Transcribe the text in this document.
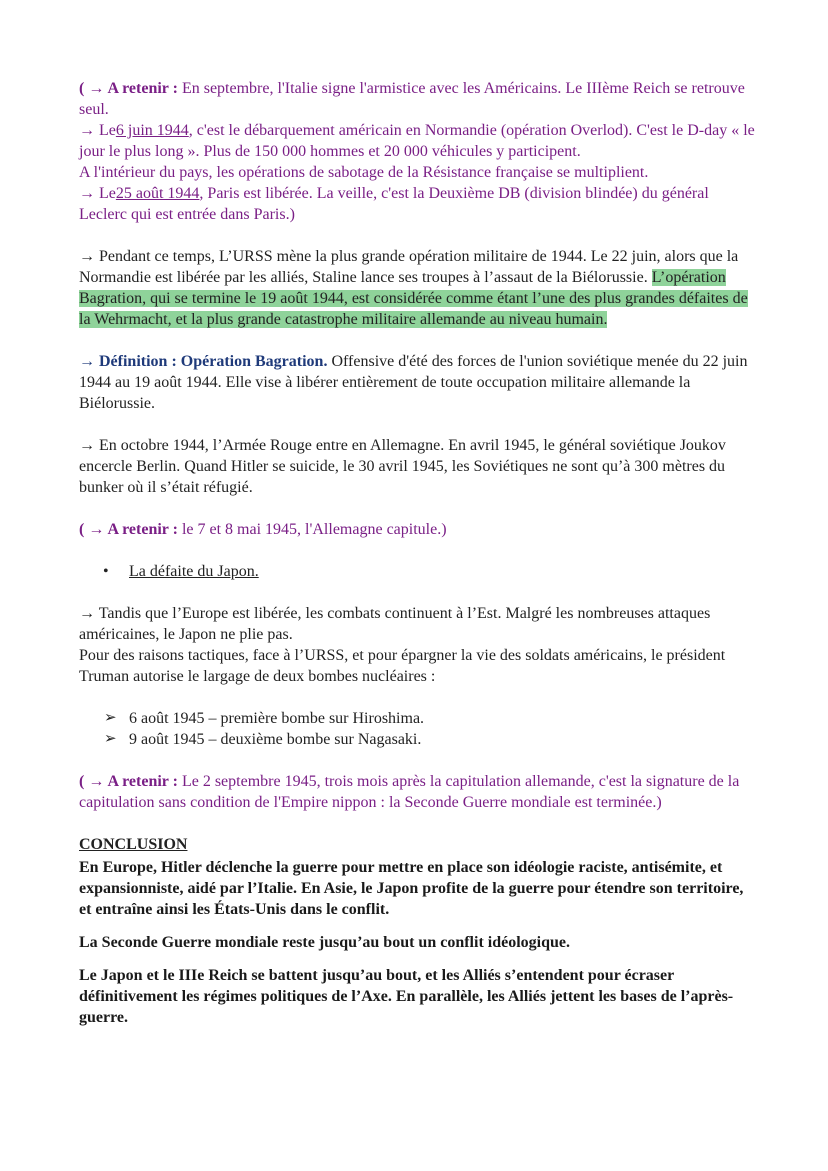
( → A retenir : En septembre, l'Italie signe l'armistice avec les Américains. Le IIIème Reich se retrouve seul.

→ Le6 juin 1944, c'est le débarquement américain en Normandie (opération Overlod). C'est le D-day « le jour le plus long ». Plus de 150 000 hommes et 20 000 véhicules y participent.

A l'intérieur du pays, les opérations de sabotage de la Résistance française se multiplient.

→ Le25 août 1944, Paris est libérée. La veille, c'est la Deuxième DB (division blindée) du général Leclerc qui est entrée dans Paris.)

→ Pendant ce temps, L’URSS mène la plus grande opération militaire de 1944. Le 22 juin, alors que la Normandie est libérée par les alliés, Staline lance ses troupes à l’assaut de la Biélorussie. L’opération Bagration, qui se termine le 19 août 1944, est considérée comme étant l’une des plus grandes défaites de la Wehrmacht, et la plus grande catastrophe militaire allemande au niveau humain.

→ Définition : Opération Bagration. Offensive d'été des forces de l'union soviétique menée du 22 juin 1944 au 19 août 1944. Elle vise à libérer entièrement de toute occupation militaire allemande la Biélorussie.

→ En octobre 1944, l’Armée Rouge entre en Allemagne. En avril 1945, le général soviétique Joukov encercle Berlin. Quand Hitler se suicide, le 30 avril 1945, les Soviétiques ne sont qu’à 300 mètres du bunker où il s’était réfugié.

( → A retenir : le 7 et 8 mai 1945, l'Allemagne capitule.)

• La défaite du Japon.

→ Tandis que l’Europe est libérée, les combats continuent à l’Est. Malgré les nombreuses attaques américaines, le Japon ne plie pas.

Pour des raisons tactiques, face à l’URSS, et pour épargner la vie des soldats américains, le président Truman autorise le largage de deux bombes nucléaires :

➢ 6 août 1945 – première bombe sur Hiroshima.

➢ 9 août 1945 – deuxième bombe sur Nagasaki.

( → A retenir : Le 2 septembre 1945, trois mois après la capitulation allemande, c'est la signature de la capitulation sans condition de l'Empire nippon : la Seconde Guerre mondiale est terminée.)

CONCLUSION

En Europe, Hitler déclenche la guerre pour mettre en place son idéologie raciste, antisémite, et expansionniste, aidé par l’Italie. En Asie, le Japon profite de la guerre pour étendre son territoire, et entraîne ainsi les États-Unis dans le conflit.

La Seconde Guerre mondiale reste jusqu’au bout un conflit idéologique.

Le Japon et le IIIe Reich se battent jusqu’au bout, et les Alliés s’entendent pour écraser définitivement les régimes politiques de l’Axe. En parallèle, les Alliés jettent les bases de l’après-guerre.
